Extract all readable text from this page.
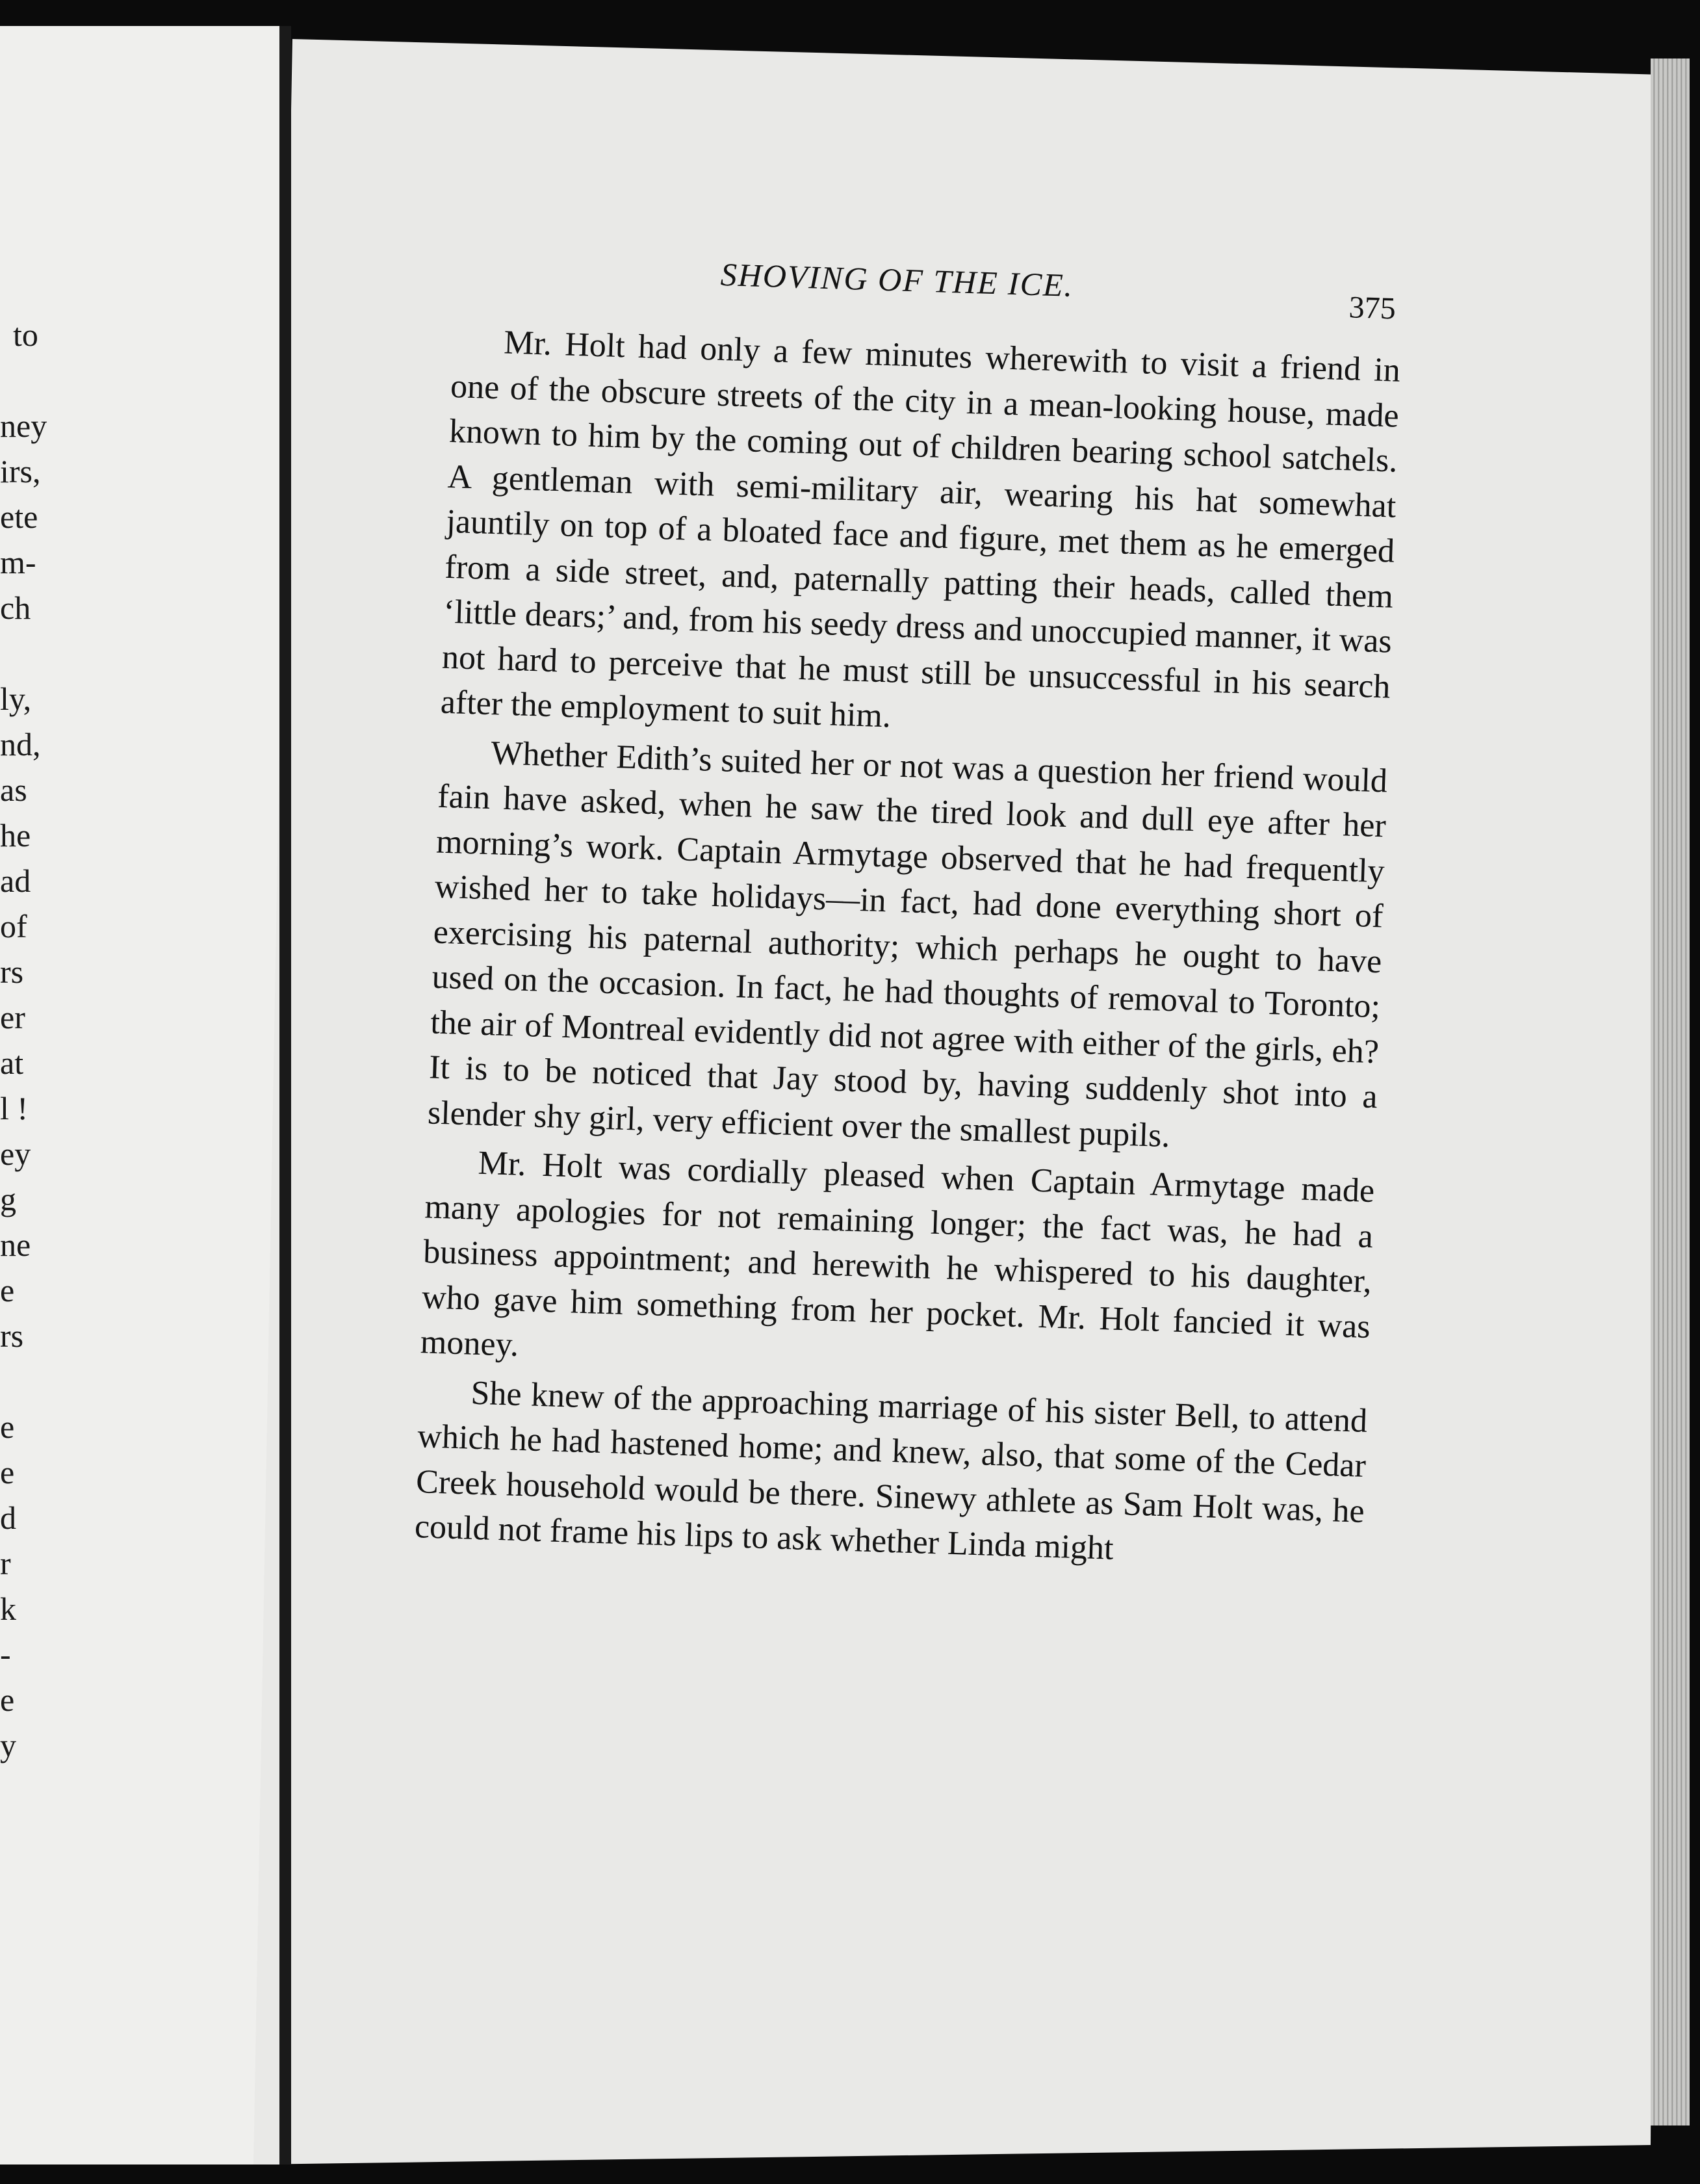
to
ney
irs,
ete
m-
ch
ly,
nd,
as
he
ad
of
rs
er
at
l !
ey
g
ne
e
rs
e
e
d
r
k
-
e
y
SHOVING OF THE ICE.
375

Mr. Holt had only a few minutes wherewith to visit a friend in one of the obscure streets of the city in a mean-looking house, made known to him by the coming out of children bearing school satchels. A gentleman with semi-military air, wearing his hat somewhat jauntily on top of a bloated face and figure, met them as he emerged from a side street, and, paternally patting their heads, called them ‘little dears;’ and, from his seedy dress and unoccupied manner, it was not hard to perceive that he must still be unsuccessful in his search after the employment to suit him.

Whether Edith’s suited her or not was a question her friend would fain have asked, when he saw the tired look and dull eye after her morning’s work. Captain Armytage observed that he had frequently wished her to take holidays––in fact, had done everything short of exercising his paternal authority; which perhaps he ought to have used on the occasion. In fact, he had thoughts of removal to Toronto; the air of Montreal evidently did not agree with either of the girls, eh? It is to be noticed that Jay stood by, having suddenly shot into a slender shy girl, very efficient over the smallest pupils.

Mr. Holt was cordially pleased when Captain Armytage made many apologies for not remaining longer; the fact was, he had a business appointment; and herewith he whispered to his daughter, who gave him something from her pocket. Mr. Holt fancied it was money.

She knew of the approaching marriage of his sister Bell, to attend which he had hastened home; and knew, also, that some of the Cedar Creek household would be there. Sinewy athlete as Sam Holt was, he could not frame his lips to ask whether Linda might
